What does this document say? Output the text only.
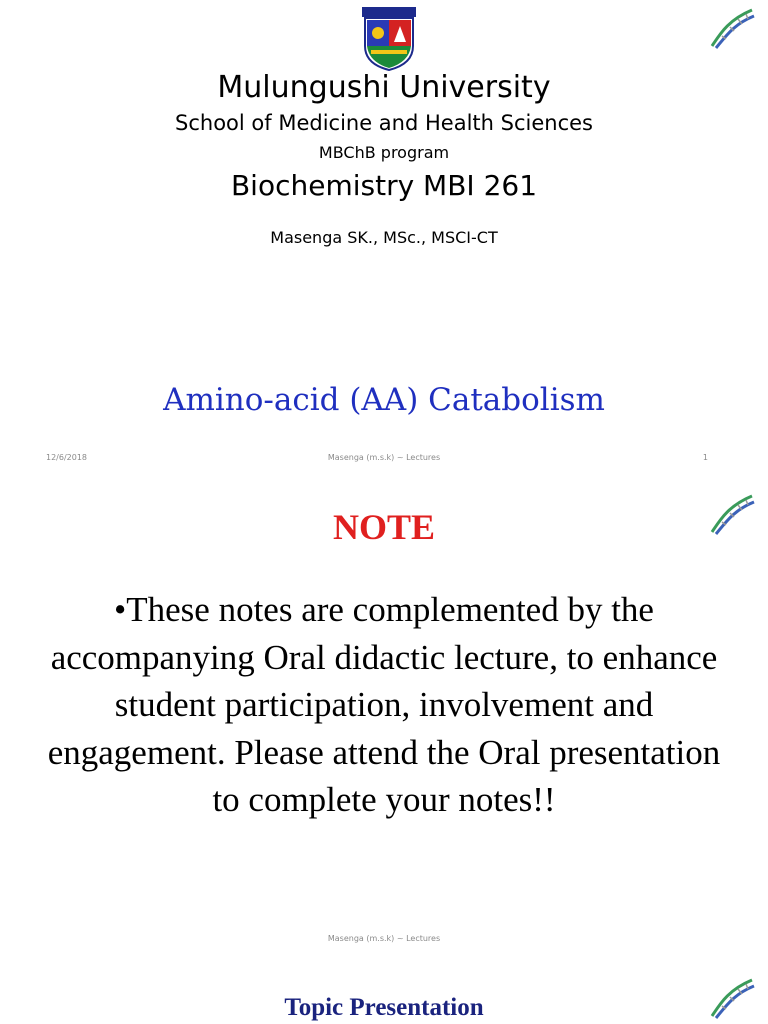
Mulungushi University
School of Medicine and Health Sciences
MBChB program
Biochemistry MBI 261
Masenga SK., MSc., MSCI-CT
Amino-acid (AA) Catabolism
12/6/2018	Masenga (m.s.k) ~ Lectures	1
NOTE
•These notes are complemented by the accompanying Oral didactic lecture, to enhance student participation, involvement and engagement. Please attend the Oral presentation to complete your notes!!
Masenga (m.s.k) ~ Lectures
Topic Presentation
